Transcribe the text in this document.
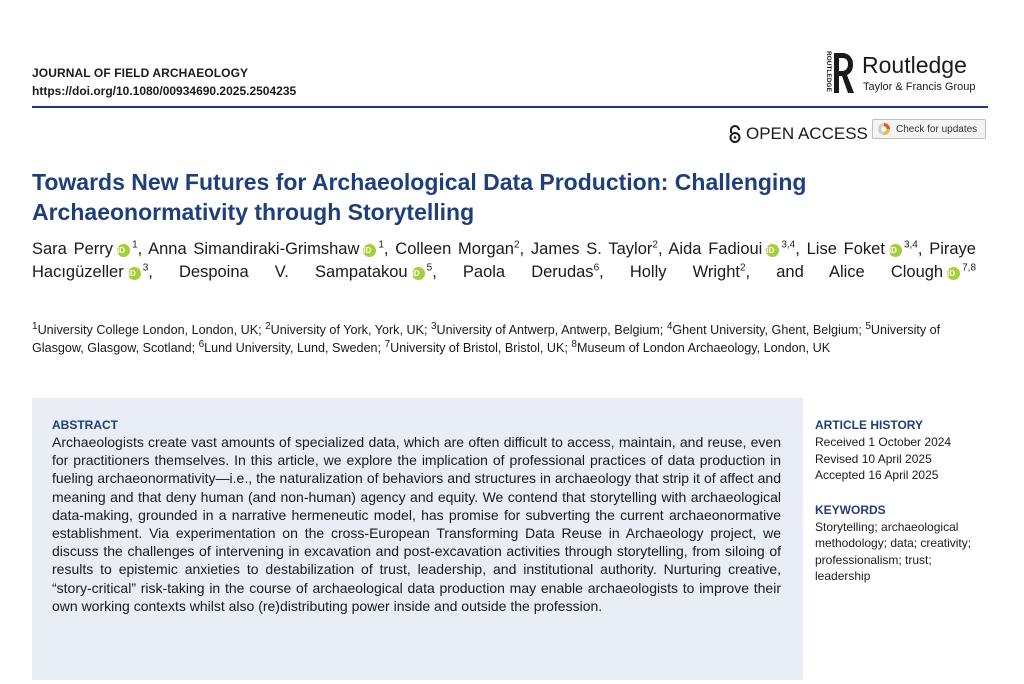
JOURNAL OF FIELD ARCHAEOLOGY
https://doi.org/10.1080/00934690.2025.2504235	ROUTLEDGE Routledge
Taylor & Francis Group
OPEN ACCESS	Check for updates
Towards New Futures for Archaeological Data Production: Challenging Archaeonormativity through Storytelling
Sara Perry iD $^1$, Anna Simandiraki-Grimshaw iD $^1$, Colleen Morgan$^2$, James S. Taylor$^2$, Aida Fadioui iD $^{3,4}$, Lise Foket iD $^{3,4}$, Piraye Hacıgüzeller iD $^3$, Despoina V. Sampatakou iD $^5$, Paola Derudas$^6$, Holly Wright$^2$, and Alice Clough iD $^{7,8}$
$^1$University College London, London, UK; $^2$University of York, York, UK; $^3$University of Antwerp, Antwerp, Belgium; $^4$Ghent University, Ghent, Belgium; $^5$University of Glasgow, Glasgow, Scotland; $^6$Lund University, Lund, Sweden; $^7$University of Bristol, Bristol, UK; $^8$Museum of London Archaeology, London, UK
ABSTRACT
Archaeologists create vast amounts of specialized data, which are often difficult to access, maintain, and reuse, even for practitioners themselves. In this article, we explore the implication of professional practices of data production in fueling archaeonormativity—i.e., the naturalization of behaviors and structures in archaeology that strip it of affect and meaning and that deny human (and non-human) agency and equity. We contend that storytelling with archaeological data-making, grounded in a narrative hermeneutic model, has promise for subverting the current archaeonormative establishment. Via experimentation on the cross-European Transforming Data Reuse in Archaeology project, we discuss the challenges of intervening in excavation and post-excavation activities through storytelling, from siloing of results to epistemic anxieties to destabilization of trust, leadership, and institutional authority. Nurturing creative, “story-critical” risk-taking in the course of archaeological data production may enable archaeologists to improve their own working contexts whilst also (re)distributing power inside and outside the profession.
ARTICLE HISTORY
Received 1 October 2024
Revised 10 April 2025
Accepted 16 April 2025
KEYWORDS
Storytelling; archaeological methodology; data; creativity; professionalism; trust; leadership
